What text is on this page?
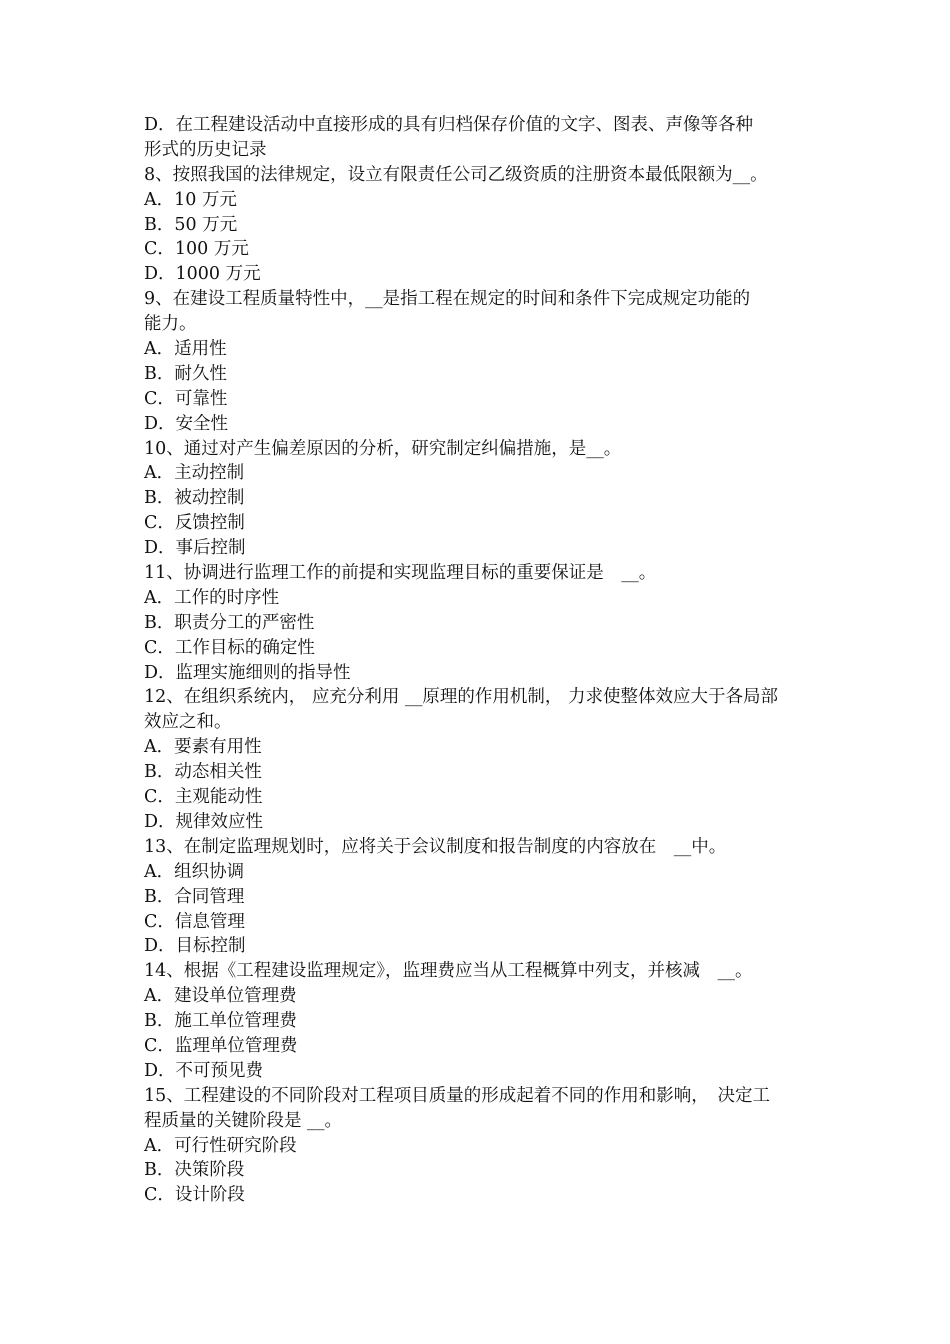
D．在工程建设活动中直接形成的具有归档保存价值的文字、图表、声像等各种
形式的历史记录
8、按照我国的法律规定，设立有限责任公司乙级资质的注册资本最低限额为__。
A．10 万元
B．50 万元
C．100 万元
D．1000 万元
9、在建设工程质量特性中，__是指工程在规定的时间和条件下完成规定功能的
能力。
A．适用性
B．耐久性
C．可靠性
D．安全性
10、通过对产生偏差原因的分析，研究制定纠偏措施，是__。
A．主动控制
B．被动控制
C．反馈控制
D．事后控制
11、协调进行监理工作的前提和实现监理目标的重要保证是　__。
A．工作的时序性
B．职责分工的严密性
C．工作目标的确定性
D．监理实施细则的指导性
12、在组织系统内， 应充分利用 __原理的作用机制， 力求使整体效应大于各局部
效应之和。
A．要素有用性
B．动态相关性
C．主观能动性
D．规律效应性
13、在制定监理规划时，应将关于会议制度和报告制度的内容放在　__中。
A．组织协调
B．合同管理
C．信息管理
D．目标控制
14、根据《工程建设监理规定》，监理费应当从工程概算中列支，并核减　__。
A．建设单位管理费
B．施工单位管理费
C．监理单位管理费
D．不可预见费
15、工程建设的不同阶段对工程项目质量的形成起着不同的作用和影响，　决定工
程质量的关键阶段是 __。
A．可行性研究阶段
B．决策阶段
C．设计阶段
